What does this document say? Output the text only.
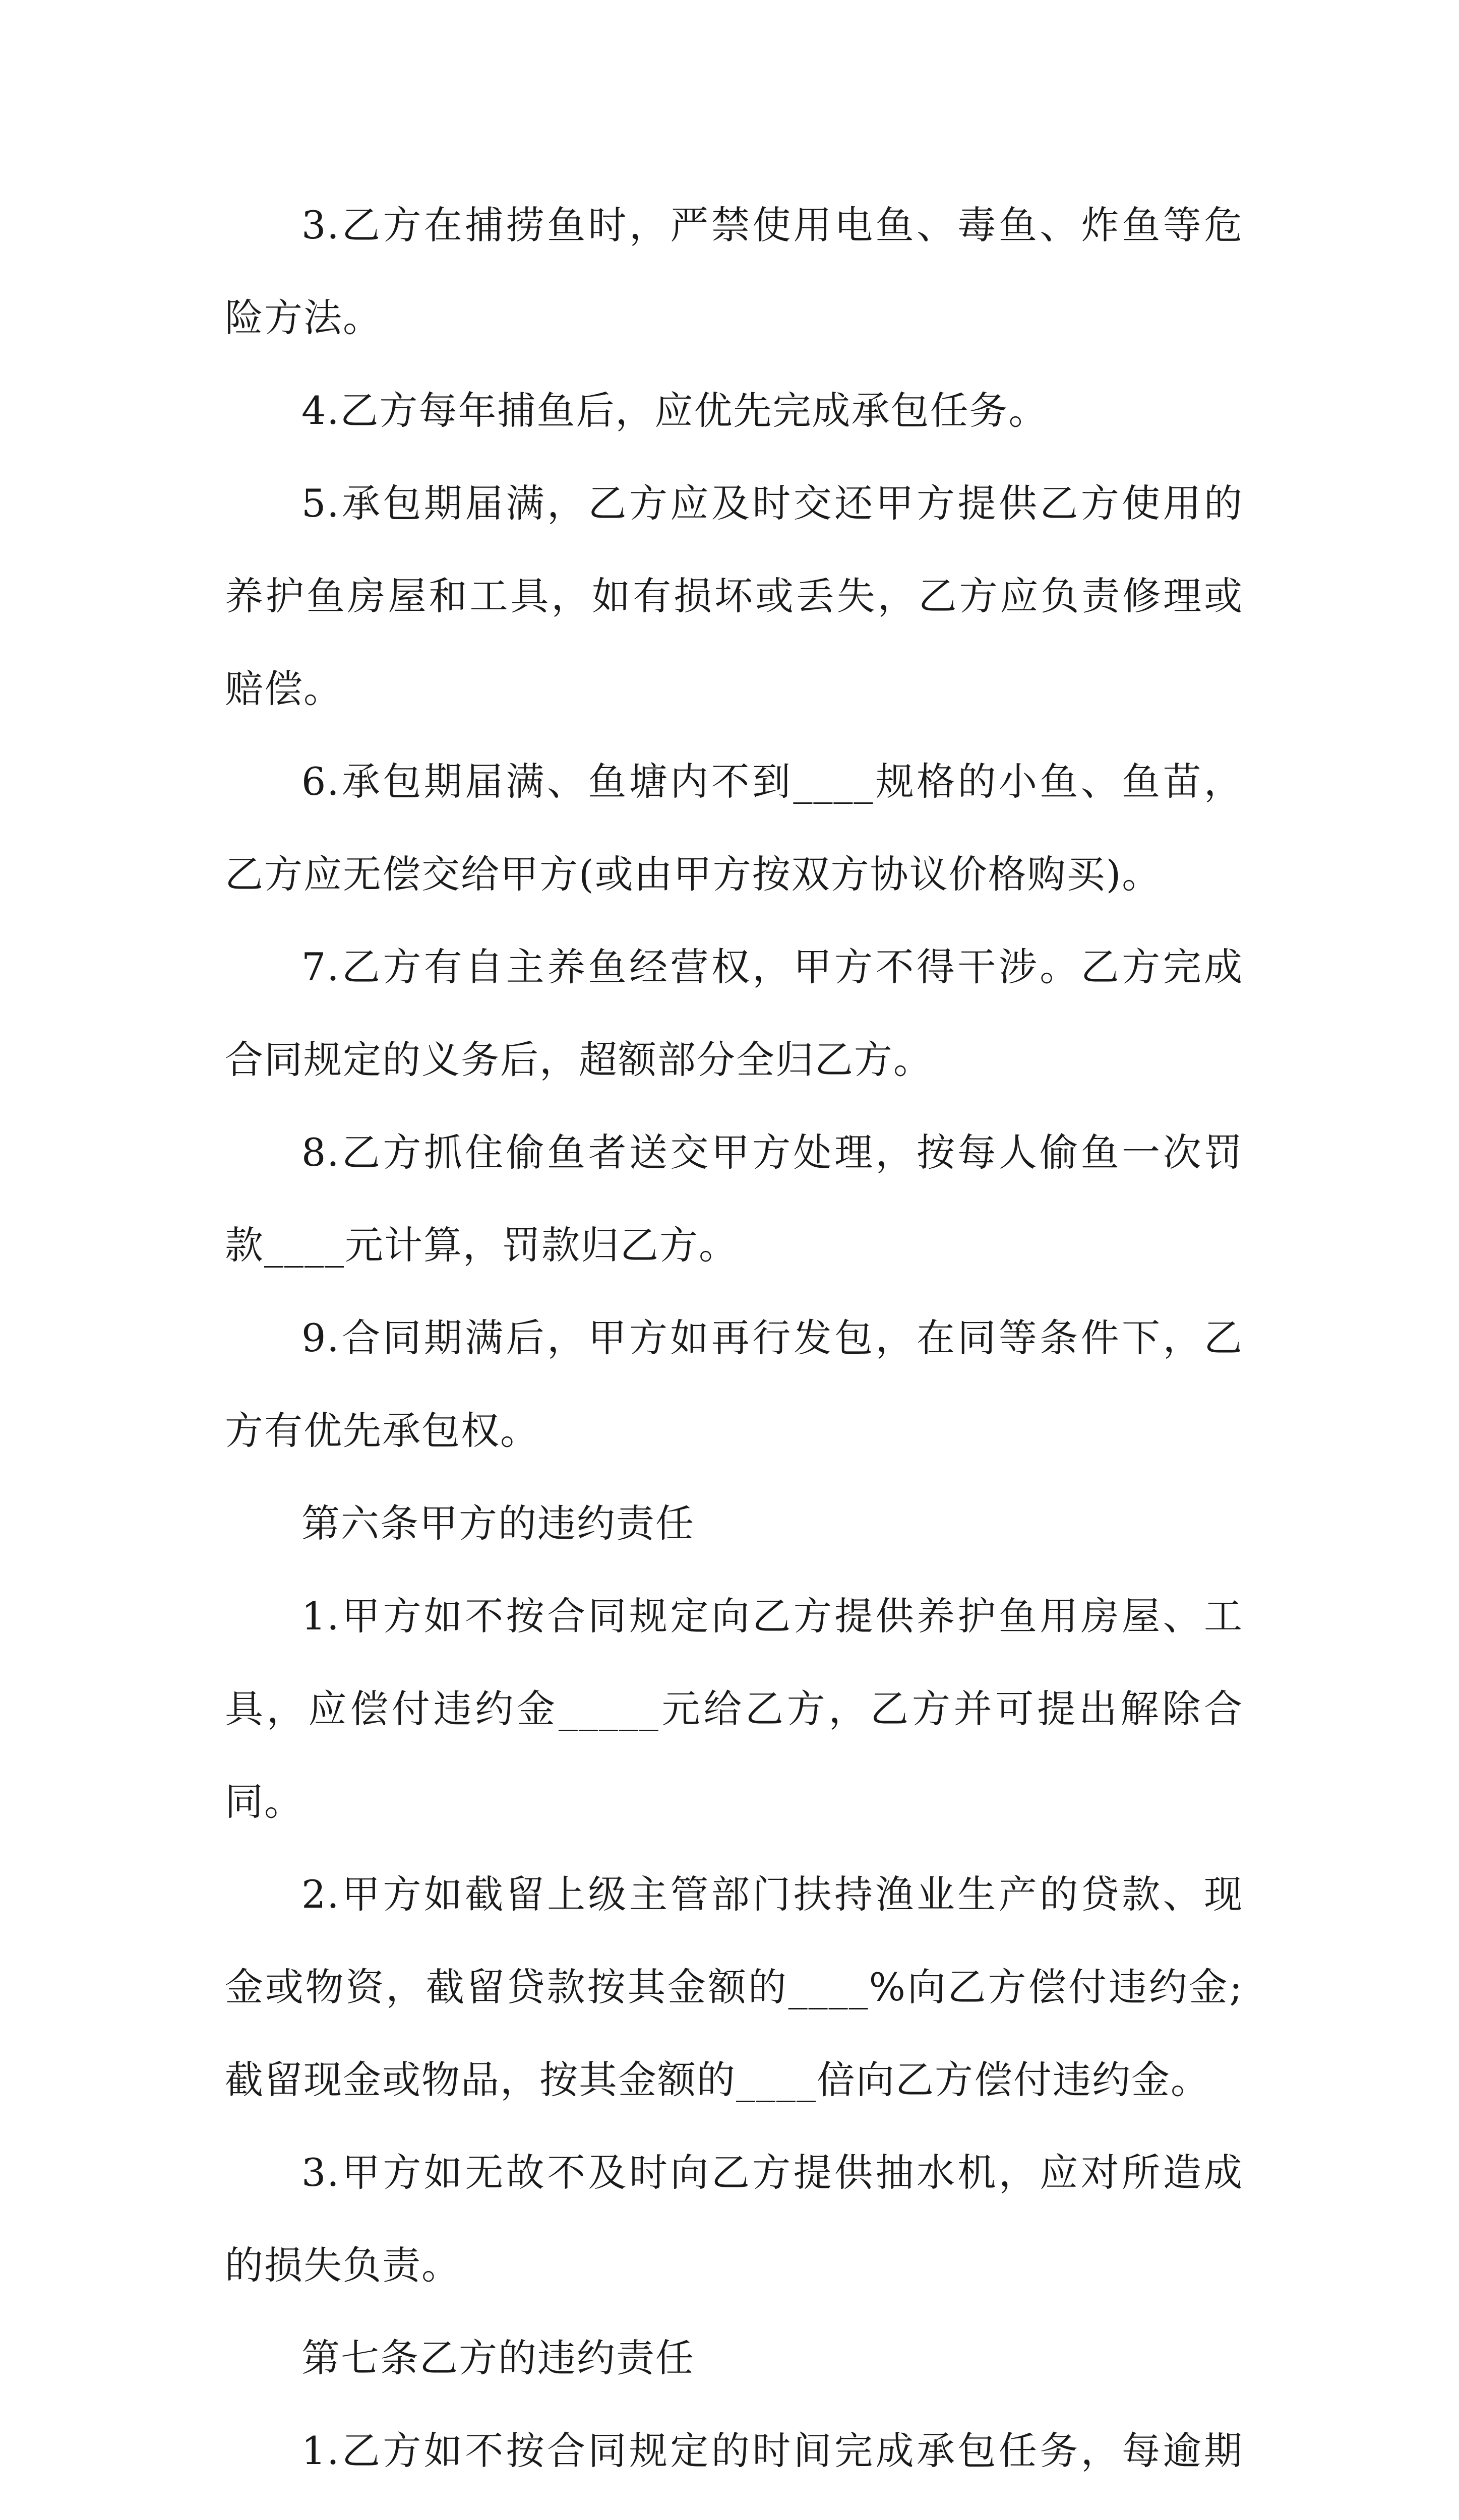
3.乙方在捕捞鱼时，严禁使用电鱼、毒鱼、炸鱼等危险方法。

4.乙方每年捕鱼后，应优先完成承包任务。

5.承包期届满，乙方应及时交还甲方提供乙方使用的养护鱼房屋和工具，如有损坏或丢失，乙方应负责修理或赔偿。

6.承包期届满、鱼塘内不到____规格的小鱼、鱼苗，乙方应无偿交给甲方(或由甲方按双方协议价格购买)。

7.乙方有自主养鱼经营权，甲方不得干涉。乙方完成合同规定的义务后，超额部分全归乙方。

8.乙方抓住偷鱼者送交甲方处理，按每人偷鱼一次罚款____元计算，罚款归乙方。

9.合同期满后，甲方如再行发包，在同等条件下，乙方有优先承包权。

第六条甲方的违约责任

1.甲方如不按合同规定向乙方提供养护鱼用房屋、工具，应偿付违约金_____元给乙方，乙方并可提出解除合同。

2.甲方如截留上级主管部门扶持渔业生产的贷款、现金或物资，截留贷款按其金额的____%向乙方偿付违约金;截留现金或物品，按其金额的____倍向乙方偿付违约金。

3.甲方如无故不及时向乙方提供抽水机，应对所造成的损失负责。

第七条乙方的违约责任

1.乙方如不按合同规定的时间完成承包任务，每逾期
